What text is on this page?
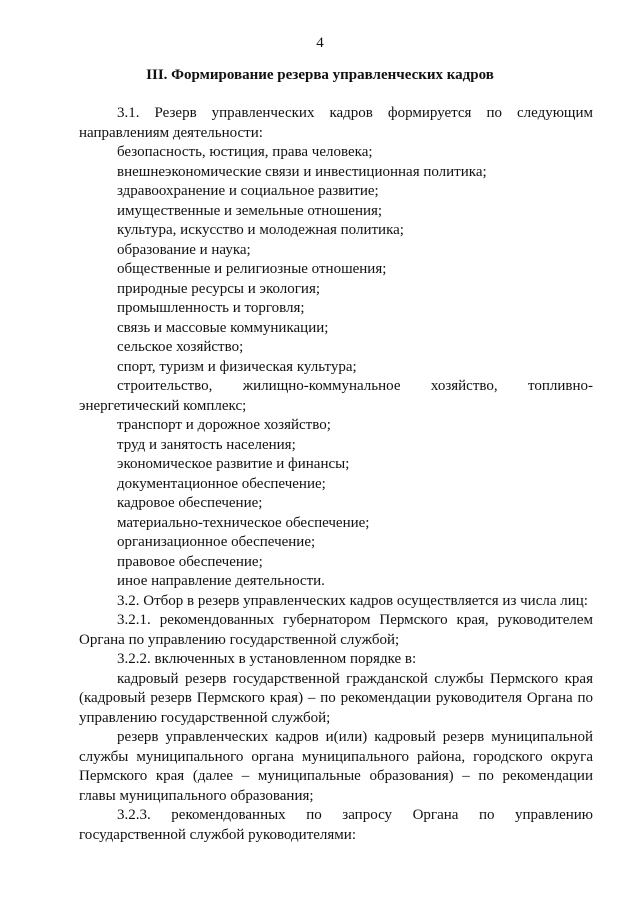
4
III. Формирование резерва управленческих кадров

3.1. Резерв управленческих кадров формируется по следующим направлениям деятельности:

безопасность, юстиция, права человека;

внешнеэкономические связи и инвестиционная политика;

здравоохранение и социальное развитие;

имущественные и земельные отношения;

культура, искусство и молодежная политика;

образование и наука;

общественные и религиозные отношения;

природные ресурсы и экология;

промышленность и торговля;

связь и массовые коммуникации;

сельское хозяйство;

спорт, туризм и физическая культура;

строительство, жилищно-коммунальное хозяйство, топливно-энергетический комплекс;

транспорт и дорожное хозяйство;

труд и занятость населения;

экономическое развитие и финансы;

документационное обеспечение;

кадровое обеспечение;

материально-техническое обеспечение;

организационное обеспечение;

правовое обеспечение;

иное направление деятельности.

3.2. Отбор в резерв управленческих кадров осуществляется из числа лиц:

3.2.1. рекомендованных губернатором Пермского края, руководителем Органа по управлению государственной службой;

3.2.2. включенных в установленном порядке в:

кадровый резерв государственной гражданской службы Пермского края (кадровый резерв Пермского края) – по рекомендации руководителя Органа по управлению государственной службой;

резерв управленческих кадров и(или) кадровый резерв муниципальной службы муниципального органа муниципального района, городского округа Пермского края (далее – муниципальные образования) – по рекомендации главы муниципального образования;

3.2.3. рекомендованных по запросу Органа по управлению государственной службой руководителями:
